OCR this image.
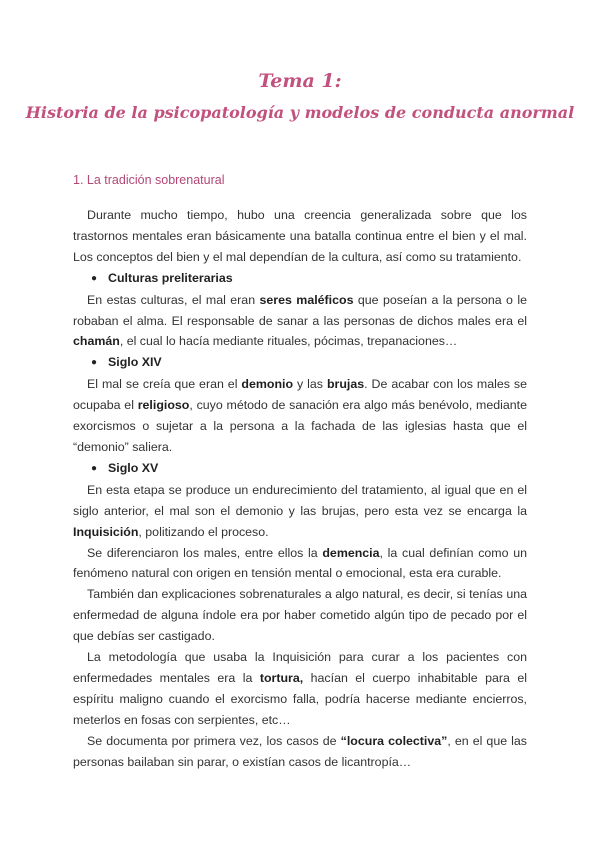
Tema 1:
Historia de la psicopatología y modelos de conducta anormal
1. La tradición sobrenatural

Durante mucho tiempo, hubo una creencia generalizada sobre que los trastornos mentales eran básicamente una batalla continua entre el bien y el mal. Los conceptos del bien y el mal dependían de la cultura, así como su tratamiento.

● Culturas preliterarias

En estas culturas, el mal eran seres maléficos que poseían a la persona o le robaban el alma. El responsable de sanar a las personas de dichos males era el chamán, el cual lo hacía mediante rituales, pócimas, trepanaciones…

● Siglo XIV

El mal se creía que eran el demonio y las brujas. De acabar con los males se ocupaba el religioso, cuyo método de sanación era algo más benévolo, mediante exorcismos o sujetar a la persona a la fachada de las iglesias hasta que el “demonio” saliera.

● Siglo XV

En esta etapa se produce un endurecimiento del tratamiento, al igual que en el siglo anterior, el mal son el demonio y las brujas, pero esta vez se encarga la Inquisición, politizando el proceso.

Se diferenciaron los males, entre ellos la demencia, la cual definían como un fenómeno natural con origen en tensión mental o emocional, esta era curable.

También dan explicaciones sobrenaturales a algo natural, es decir, si tenías una enfermedad de alguna índole era por haber cometido algún tipo de pecado por el que debías ser castigado.

La metodología que usaba la Inquisición para curar a los pacientes con enfermedades mentales era la tortura, hacían el cuerpo inhabitable para el espíritu maligno cuando el exorcismo falla, podría hacerse mediante encierros, meterlos en fosas con serpientes, etc…

Se documenta por primera vez, los casos de “locura colectiva”, en el que las personas bailaban sin parar, o existían casos de licantropía…
